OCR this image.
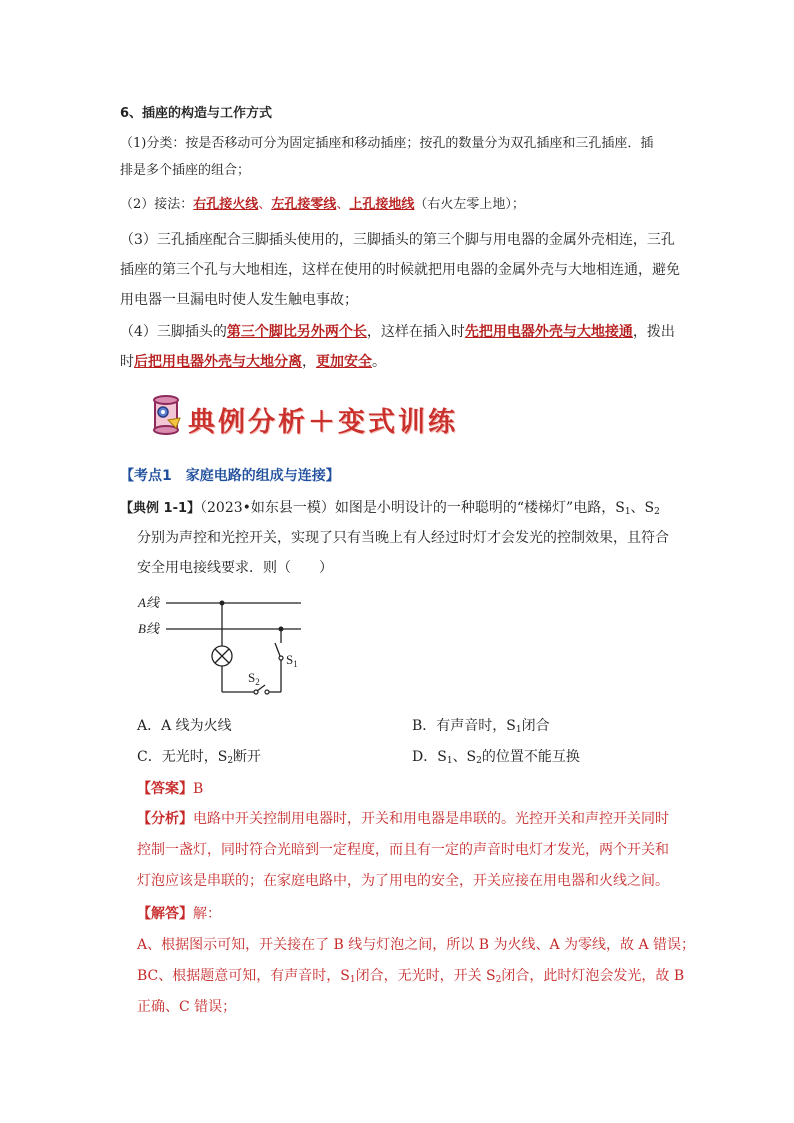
6、插座的构造与工作方式
（1)分类：按是否移动可分为固定插座和移动插座；按孔的数量分为双孔插座和三孔插座．插
排是多个插座的组合；
（2）接法：右孔接火线、左孔接零线、上孔接地线（右火左零上地）；
（3）三孔插座配合三脚插头使用的，三脚插头的第三个脚与用电器的金属外壳相连，三孔
插座的第三个孔与大地相连，这样在使用的时候就把用电器的金属外壳与大地相连通，避免
用电器一旦漏电时使人发生触电事故；
（4）三脚插头的第三个脚比另外两个长，这样在插入时先把用电器外壳与大地接通，拨出
时后把用电器外壳与大地分离，更加安全。
典例分析＋变式训练
【考点1　家庭电路的组成与连接】
【典例 1-1】（2023•如东县一模）如图是小明设计的一种聪明的“楼梯灯”电路，$S_1$、$S_2$
分别为声控和光控开关，实现了只有当晚上有人经过时灯才会发光的控制效果，且符合
安全用电接线要求．则（　　）
A线
B线
$S_1$
$S_2$
A．A 线为火线	B．有声音时，$S_1$闭合
C．无光时，$S_2$断开	D．$S_1$、$S_2$的位置不能互换
【答案】B
【分析】电路中开关控制用电器时，开关和用电器是串联的。光控开关和声控开关同时
控制一盏灯，同时符合光暗到一定程度，而且有一定的声音时电灯才发光，两个开关和
灯泡应该是串联的；在家庭电路中，为了用电的安全，开关应接在用电器和火线之间。
【解答】解：
A、根据图示可知，开关接在了 B 线与灯泡之间，所以 B 为火线、A 为零线，故 A 错误；
BC、根据题意可知，有声音时，$S_1$闭合，无光时，开关 $S_2$闭合，此时灯泡会发光，故 B
正确、C 错误；
